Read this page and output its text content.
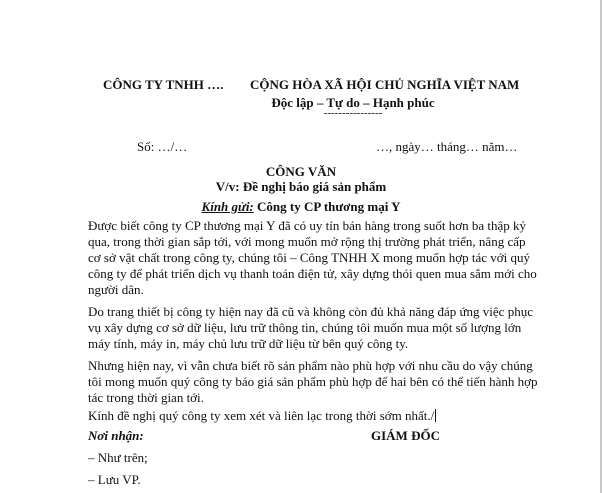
CÔNG TY TNHH …. CỘNG HÒA XÃ HỘI CHỦ NGHĨA VIỆT NAM
Độc lập – Tự do – Hạnh phúc
----------------
Số: …/…	…, ngày… tháng… năm…
CÔNG VĂN
V/v: Đề nghị báo giá sản phẩm
Kính gửi: Công ty CP thương mại Y
Được biết công ty CP thương mại Y đã có uy tín bán hàng trong suốt hơn ba thập kỷ
qua, trong thời gian sắp tới, với mong muốn mở rộng thị trường phát triển, nâng cấp
cơ sở vật chất trong công ty, chúng tôi – Công TNHH X mong muốn hợp tác với quý
công ty để phát triển dịch vụ thanh toán điện tử, xây dựng thói quen mua sắm mới cho
người dân.
Do trang thiết bị công ty hiện nay đã cũ và không còn đủ khả năng đáp ứng việc phục
vụ xây dựng cơ sở dữ liệu, lưu trữ thông tin, chúng tôi muốn mua một số lượng lớn
máy tính, máy in, máy chủ lưu trữ dữ liệu từ bên quý công ty.
Nhưng hiện nay, vì vẫn chưa biết rõ sản phẩm nào phù hợp với nhu cầu do vậy chúng
tôi mong muốn quý công ty báo giá sản phẩm phù hợp để hai bên có thể tiến hành hợp
tác trong thời gian tới.
Kính đề nghị quý công ty xem xét và liên lạc trong thời sớm nhất./
Nơi nhận:	GIÁM ĐỐC
– Như trên;
– Lưu VP.
